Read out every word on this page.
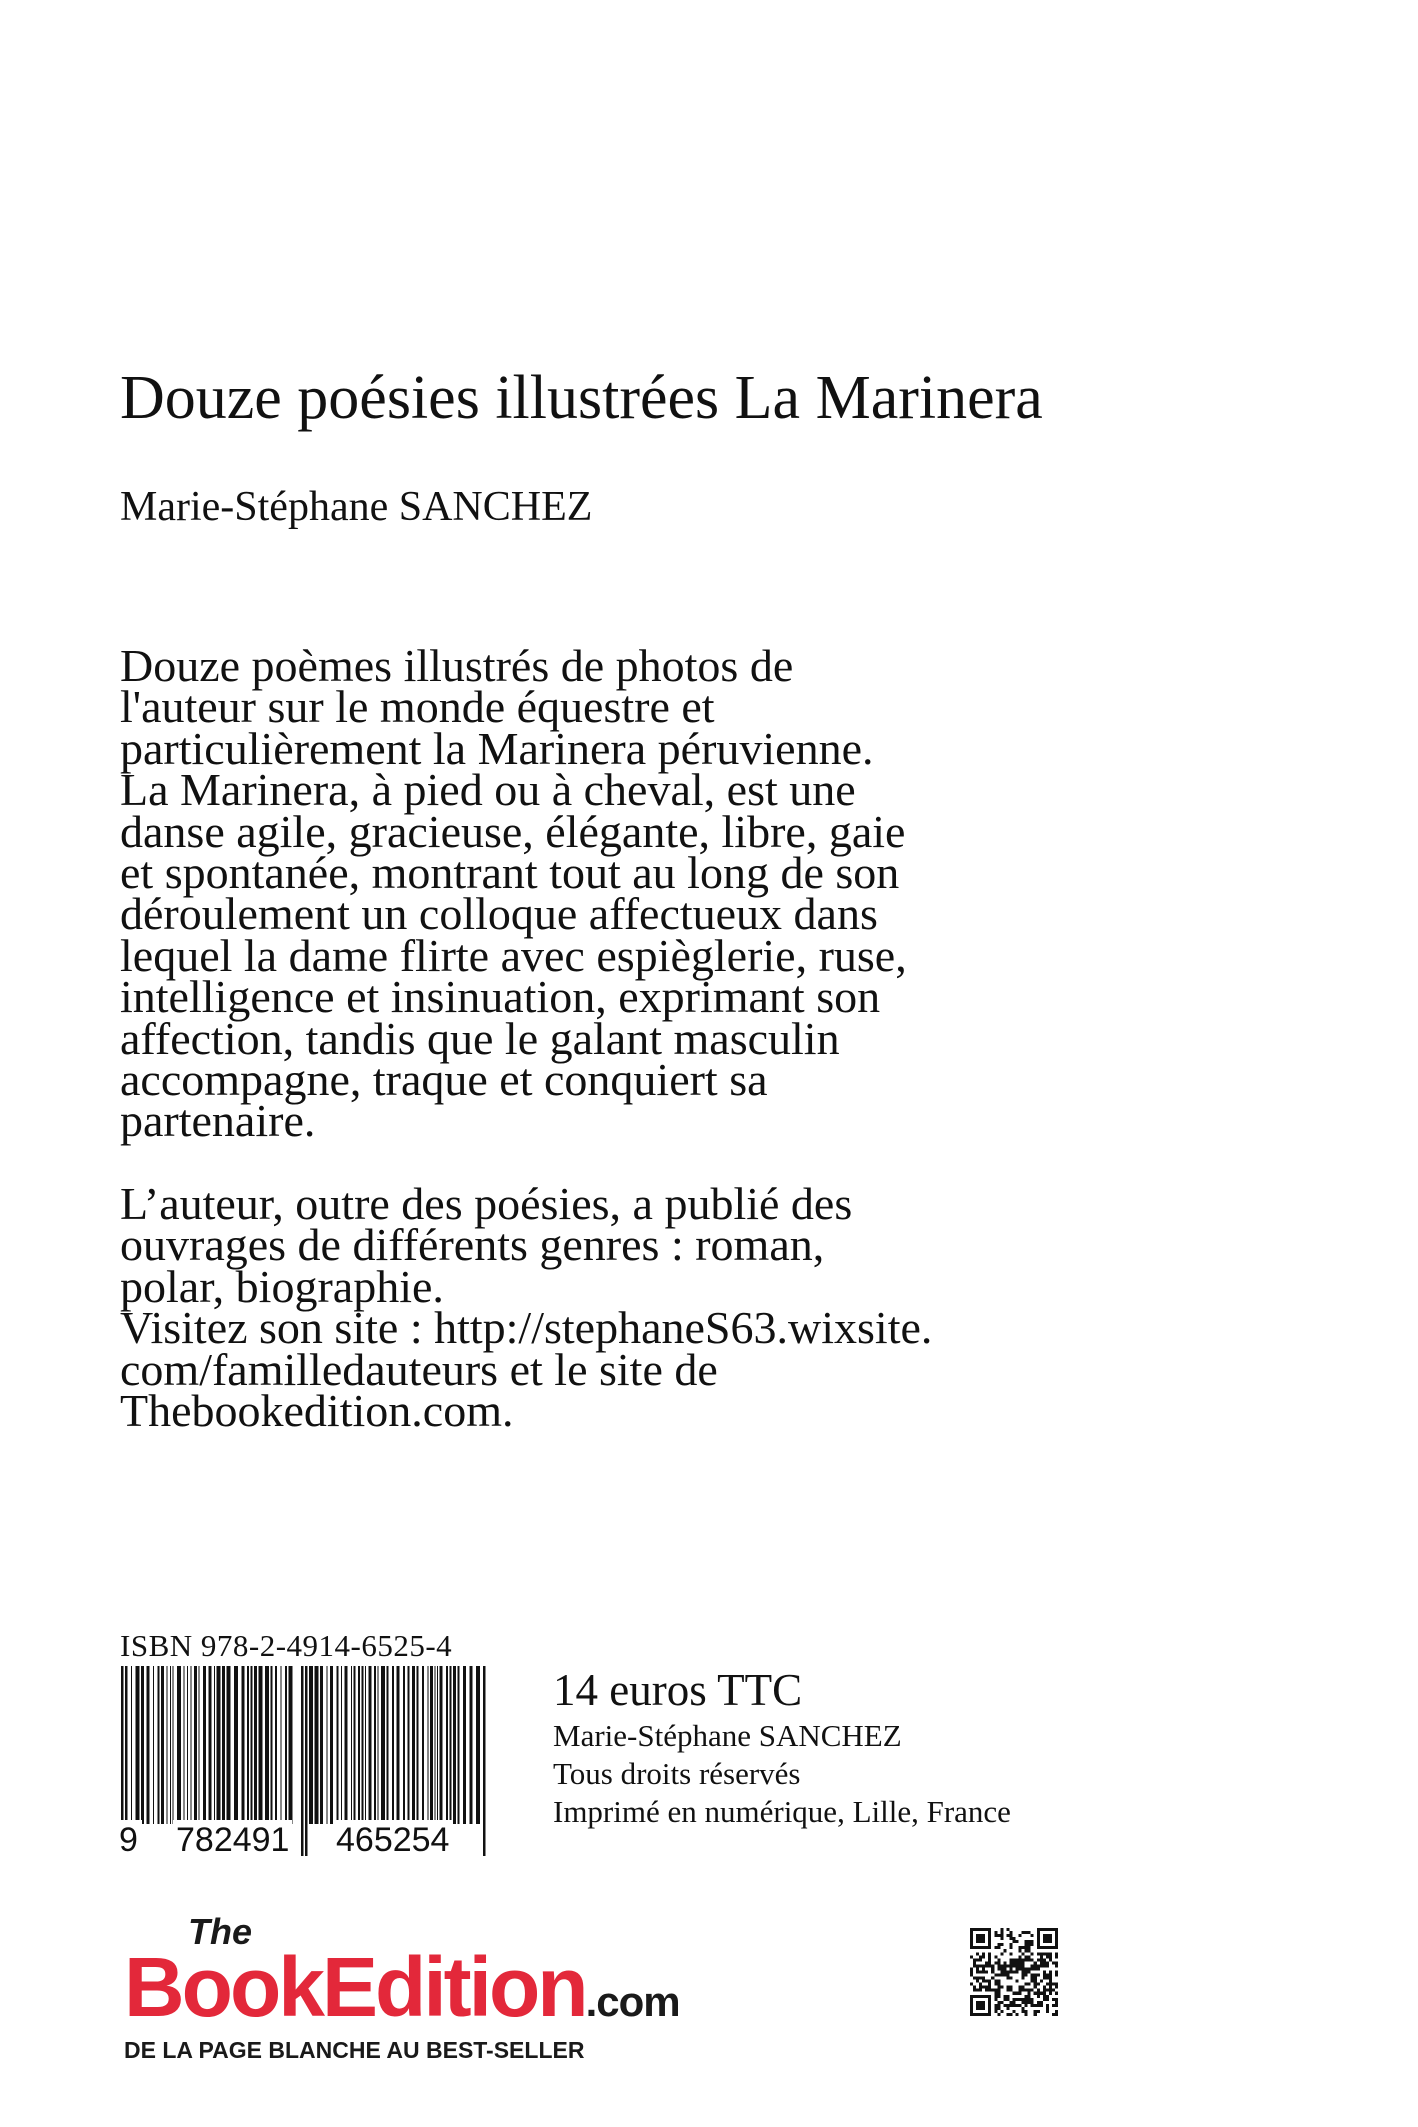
Douze poésies illustrées La Marinera
Marie-Stéphane SANCHEZ

Douze poèmes illustrés de photos de

l'auteur sur le monde équestre et

particulièrement la Marinera péruvienne.

La Marinera, à pied ou à cheval, est une

danse agile, gracieuse, élégante, libre, gaie

et spontanée, montrant tout au long de son

déroulement un colloque affectueux dans

lequel la dame flirte avec espièglerie, ruse,

intelligence et insinuation, exprimant son

affection, tandis que le galant masculin

accompagne, traque et conquiert sa

partenaire.

L’auteur, outre des poésies, a publié des

ouvrages de différents genres : roman,

polar, biographie.

Visitez son site : http://stephaneS63.wixsite.

com/familledauteurs et le site de

Thebookedition.com.

ISBN 978-2-4914-6525-4
9 782491 465254
14 euros TTC
Marie-Stéphane SANCHEZ
Tous droits réservés
Imprimé en numérique, Lille, France
The
BookEdition.com
DE LA PAGE BLANCHE AU BEST-SELLER
